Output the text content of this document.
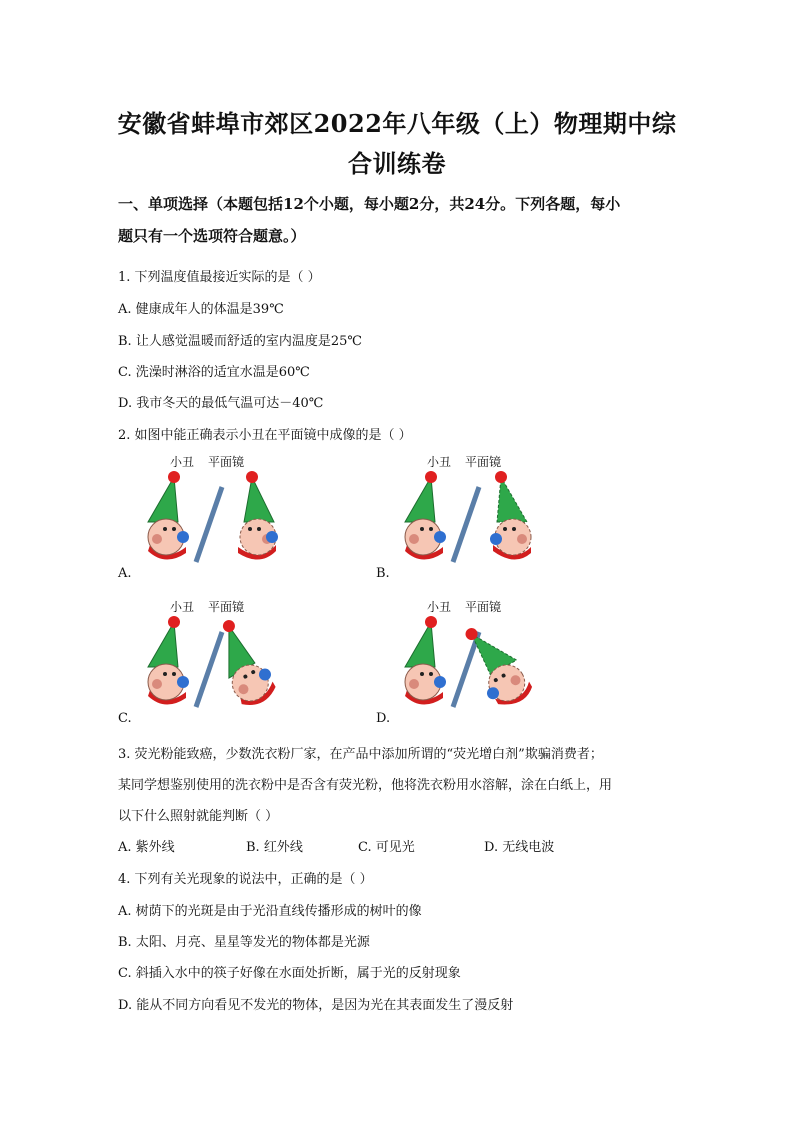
安徽省蚌埠市郊区2022年八年级（上）物理期中综
合训练卷
一、单项选择（本题包括12个小题，每小题2分，共24分。下列各题，每小
题只有一个选项符合题意。）
1. 下列温度值最接近实际的是（ ）
A. 健康成年人的体温是39℃
B. 让人感觉温暖而舒适的室内温度是25℃
C. 洗澡时淋浴的适宜水温是60℃
D. 我市冬天的最低气温可达－40℃
2. 如图中能正确表示小丑在平面镜中成像的是（ ）
小丑 平面镜
A.
小丑 平面镜
B.
小丑 平面镜
C.
小丑 平面镜
D.
3. 荧光粉能致癌，少数洗衣粉厂家，在产品中添加所谓的“荧光增白剂”欺骗消费者；
某同学想鉴别使用的洗衣粉中是否含有荧光粉，他将洗衣粉用水溶解，涂在白纸上，用
以下什么照射就能判断（ ）
A. 紫外线	B. 红外线	C. 可见光	D. 无线电波
4. 下列有关光现象的说法中，正确的是（ ）
A. 树荫下的光斑是由于光沿直线传播形成的树叶的像
B. 太阳、月亮、星星等发光的物体都是光源
C. 斜插入水中的筷子好像在水面处折断，属于光的反射现象
D. 能从不同方向看见不发光的物体，是因为光在其表面发生了漫反射
